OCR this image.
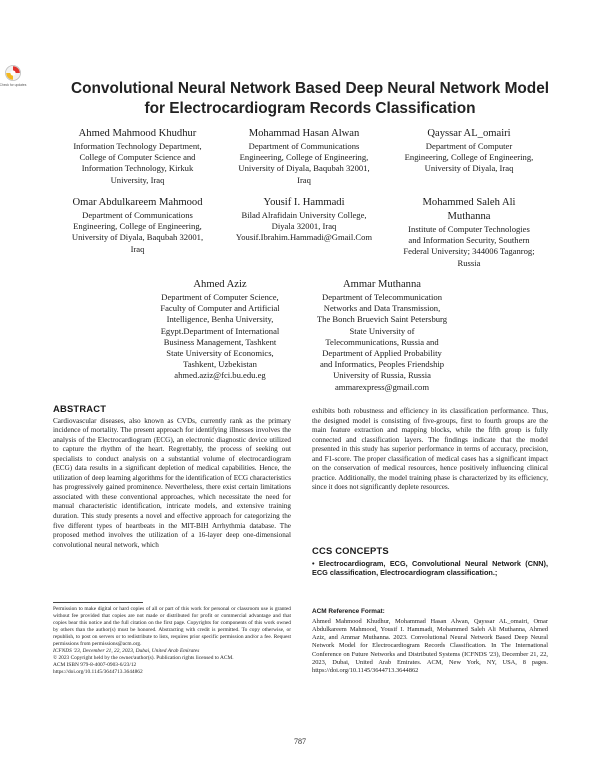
Check for updates	Convolutional Neural Network Based Deep Neural Network Model for Electrocardiogram Records Classification
Ahmed Mahmood Khudhur
Information Technology Department,
College of Computer Science and
Information Technology, Kirkuk
University, Iraq
Mohammad Hasan Alwan
Department of Communications
Engineering, College of Engineering,
University of Diyala, Baqubah 32001,
Iraq
Qayssar AL_omairi
Department of Computer
Engineering, College of Engineering,
University of Diyala, Iraq
Omar Abdulkareem Mahmood
Department of Communications
Engineering, College of Engineering,
University of Diyala, Baqubah 32001,
Iraq
Yousif I. Hammadi
Bilad Alrafidain University College,
Diyala 32001, Iraq
Yousif.Ibrahim.Hammadi@Gmail.Com
Mohammed Saleh Ali
Muthanna
Institute of Computer Technologies
and Information Security, Southern
Federal University; 344006 Taganrog;
Russia
Ahmed Aziz
Department of Computer Science,
Faculty of Computer and Artificial
Intelligence, Benha University,
Egypt.Department of International
Business Management, Tashkent
State University of Economics,
Tashkent, Uzbekistan
ahmed.aziz@fci.bu.edu.eg
Ammar Muthanna
Department of Telecommunication
Networks and Data Transmission,
The Bonch Bruevich Saint Petersburg
State University of
Telecommunications, Russia and
Department of Applied Probability
and Informatics, Peoples Friendship
University of Russia, Russia
ammarexpress@gmail.com
ABSTRACT

Cardiovascular diseases, also known as CVDs, currently rank as the primary incidence of mortality. The present approach for identifying illnesses involves the analysis of the Electrocardiogram (ECG), an electronic diagnostic device utilized to capture the rhythm of the heart. Regrettably, the process of seeking out specialists to conduct analysis on a substantial volume of electrocardiogram (ECG) data results in a significant depletion of medical capabilities. Hence, the utilization of deep learning algorithms for the identification of ECG characteristics has progressively gained prominence. Nevertheless, there exist certain limitations associated with these conventional approaches, which necessitate the need for manual characteristic identification, intricate models, and extensive training duration. This study presents a novel and effective approach for categorizing the five different types of heartbeats in the MIT-BIH Arrhythmia database. The proposed method involves the utilization of a 16-layer deep one-dimensional convolutional neural network, which

exhibits both robustness and efficiency in its classification performance. Thus, the designed model is consisting of five-groups, first to fourth groups are the main feature extraction and mapping blocks, while the fifth group is fully connected and classification layers. The findings indicate that the model presented in this study has superior performance in terms of accuracy, precision, and F1-score. The proper classification of medical cases has a significant impact on the conservation of medical resources, hence positively influencing clinical practice. Additionally, the model training phase is characterized by its efficiency, since it does not significantly deplete resources.

CCS CONCEPTS
• Electrocardiogram, ECG, Convolutional Neural Network (CNN), ECG classification, Electrocardiogram classification.;

Permission to make digital or hard copies of all or part of this work for personal or classroom use is granted without fee provided that copies are not made or distributed for profit or commercial advantage and that copies bear this notice and the full citation on the first page. Copyrights for components of this work owned by others than the author(s) must be honored. Abstracting with credit is permitted. To copy otherwise, or republish, to post on servers or to redistribute to lists, requires prior specific permission and/or a fee. Request permissions from permissions@acm.org.

ICFNDS '23, December 21, 22, 2023, Dubai, United Arab Emirates

© 2023 Copyright held by the owner/author(s). Publication rights licensed to ACM.

ACM ISBN 979-8-4007-0903-6/23/12

https://doi.org/10.1145/3644713.3644862

ACM Reference Format:
Ahmed Mahmood Khudhur, Mohammad Hasan Alwan, Qayssar AL_omairi, Omar Abdulkareem Mahmood, Yousif I. Hammadi, Mohammed Saleh Ali Muthanna, Ahmed Aziz, and Ammar Muthanna. 2023. Convolutional Neural Network Based Deep Neural Network Model for Electrocardiogram Records Classification. In The International Conference on Future Networks and Distributed Systems (ICFNDS '23), December 21, 22, 2023, Dubai, United Arab Emirates. ACM, New York, NY, USA, 8 pages. https://doi.org/10.1145/3644713.3644862
787
